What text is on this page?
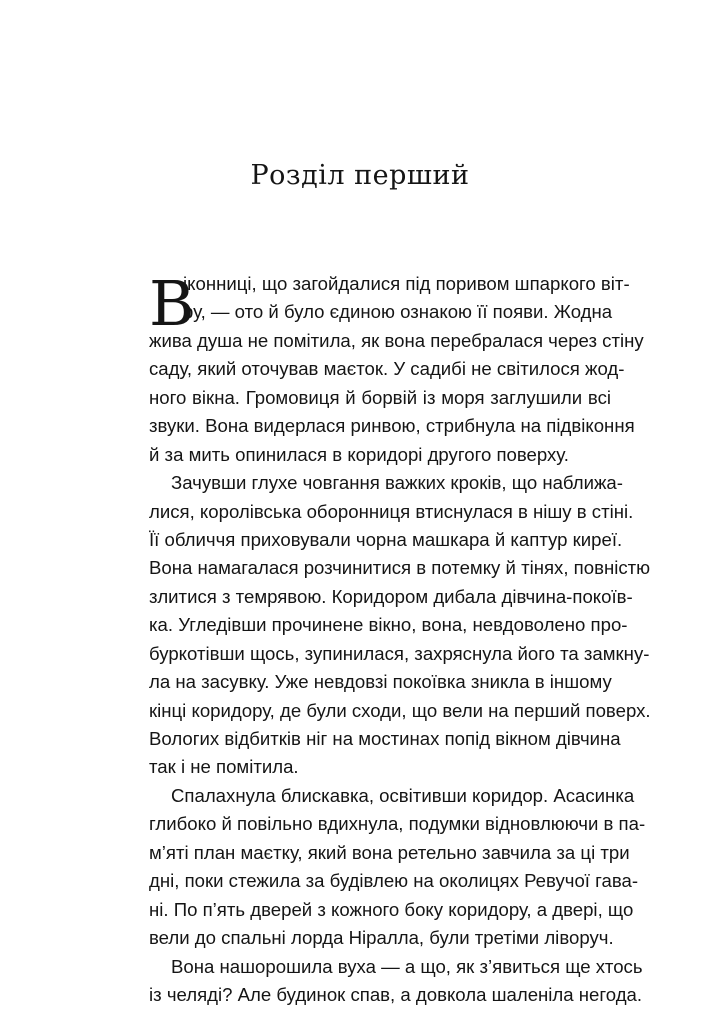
Розділ перший
В
іконниці, що загойдалися під поривом шпаркого віт-
ру, — ото й було єдиною ознакою її появи. Жодна
жива душа не помітила, як вона перебралася через стіну
саду, який оточував маєток. У садибі не світилося жод-
ного вікна. Громовиця й борвій із моря заглушили всі
звуки. Вона видерлася ринвою, стрибнула на підвіконня
й за мить опинилася в коридорі другого поверху.
Зачувши глухе човгання важких кроків, що наближа-
лися, королівська оборонниця втиснулася в нішу в стіні.
Її обличчя приховували чорна машкара й каптур киреї.
Вона намагалася розчинитися в потемку й тінях, повністю
злитися з темрявою. Коридором дибала дівчина-покоїв-
ка. Угледівши прочинене вікно, вона, невдоволено про-
буркотівши щось, зупинилася, захряснула його та замкну-
ла на засувку. Уже невдовзі покоївка зникла в іншому
кінці коридору, де були сходи, що вели на перший поверх.
Вологих відбитків ніг на мостинах попід вікном дівчина
так і не помітила.
Спалахнула блискавка, освітивши коридор. Асасинка
глибоко й повільно вдихнула, подумки відновлюючи в па-
м’яті план маєтку, який вона ретельно завчила за ці три
дні, поки стежила за будівлею на околицях Ревучої гава-
ні. По п’ять дверей з кожного боку коридору, а двері, що
вели до спальні лорда Нiралла, були третіми ліворуч.
Вона нашорошила вуха — а що, як з’явиться ще хтось
із челяді? Але будинок спав, а довкола шаленіла негода.
